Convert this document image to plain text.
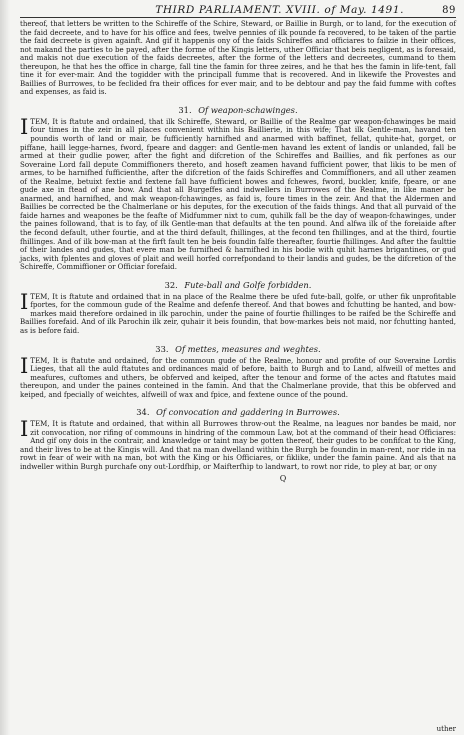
THIRD PARLIAMENT. XVIII. of May. 1491.	89

thereof, that letters be written to the Schireffe of the Schire, Steward, or Baillie in Burgh, or to land, for the execution of the faid decreete, and to have for his office and fees, twelve pennies of ilk pounde fa recovered, to be taken of the partie the faid decreete is given againft. And gif it happenis ony of the faids Schireffes and officiares to failzie in their offices, not makand the parties to be payed, after the forme of the Kingis letters, uther Officiar that beis negligent, as is foresaid, and makis not due execution of the faids decreetes, after the forme of the letters and decreetes, cummand to them thereupon, he that hes the office in charge, fall tine the famin for three zeires, and he that hes the famin in life-tent, fall tine it for ever-mair. And the togidder with the principall fumme that is recovered. And in likewife the Provestes and Baillies of Burrowes, to be feclided fra their offices for ever mair, and to be debtour and pay the faid fumme with coftes and expenses, as faid is.

31. Of weapon-schawinges.

ITEM, It is ftatute and ordained, that ilk Schireffe, Steward, or Baillie of the Realme gar weapon-fchawinges be maid four times in the zeir in all places convenient within his Baillierie, in this wife; That ilk Gentle-man, havand ten poundis worth of land or mair, be fufficiently harnifhed and anarmed with baffinet, fellat, quhite-hat, gorget, or piffane, haill legge-harnes, fword, fpeare and dagger: and Gentle-men havand les extent of landis or unlanded, fall be armed at their gudlie power, after the fight and difcretion of the Schireffes and Baillies, and fik perfones as our Soveraine Lord fall depute Commiffioners thereto, and hoseft zeamen havand fufficient power, that likis to be men of armes, to be harnifhed fufficienthe, after the difcretion of the faids Schireffes and Commiffioners, and all uther zeamen of the Realme, betuixt fextie and fextene fall have fufficient bowes and fchewes, fword, buckler, knife, fpeare, or ane gude axe in ftead of ane bow. And that all Burgeffes and indwellers in Burrowes of the Realme, in like maner be anarmed, and harnifhed, and mak weapon-fchawinges, as faid is, foure times in the zeir. And that the Aldermen and Baillies be corrected be the Chalmerlane or his deputes, for the execution of the faids things. And that all purvaid of the faide harnes and weapones be the feafte of Midfummer nixt to cum, quhilk fall be the day of weapon-fchawinges, under the paines followand, that is to fay, of ilk Gentle-man that defaults at the ten pound. And alfwa ilk of the foreiaide after the fecond default, uther fourtie, and at the third default, fhillinges, at the fecond ten fhillinges, and at the third, fourtie fhillinges. And of ilk bow-man at the firft fault ten he beis foundin falfe thereafter, fourtie fhillinges. And after the faulttie of their landes and gudes, that evere man be furnifhed & harnifhed in his bodie with quhit harnes brigantines, or gud jacks, with fplentes and gloves of plait and weill horfed correfpondand to their landis and gudes, be the difcretion of the Schireffe, Commiffioner or Officiar forefaid.

32. Fute-ball and Golfe forbidden.

ITEM, It is ftatute and ordained that in na place of the Realme there be ufed fute-ball, golfe, or uther fik unprofitable fportes, for the commoun gude of the Realme and defenfe thereof. And that bowes and fchutting be hanted, and bow-markes maid therefore ordained in ilk parochin, under the paine of fourtie fhillinges to be raifed be the Schireffe and Baillies forefaid. And of ilk Parochin ilk zeir, quhair it beis foundin, that bow-markes beis not maid, nor fchutting hanted, as is before faid.

33. Of mettes, measures and weghtes.

ITEM, It is ftatute and ordained, for the commoun gude of the Realme, honour and profite of our Soveraine Lordis Lieges, that all the auld ftatutes and ordinances maid of before, baith to Burgh and to Land, alfweill of mettes and meafures, cuftomes and uthers, be obferved and keiped, after the tenour and forme of the actes and ftatutes maid thereupon, and under the paines conteined in the famin. And that the Chalmerlane provide, that this be obferved and keiped, and fpecially of weichtes, alfweill of wax and fpice, and fextene ounce of the pound.

34. Of convocation and gaddering in Burrowes.

ITEM, It is ftatute and ordained, that within all Burrowes throw-out the Realme, na leagues nor bandes be maid, nor zit convocation, nor rifing of commouns in hindring of the commoun Law, bot at the command of their head Officiares: And gif ony dois in the contrair, and knawledge or taint may be gotten thereof, their gudes to be confifcat to the King, and their lives to be at the Kingis will. And that na man dwelland within the Burgh be foundin in man-rent, nor ride in na rowt in fear of weir with na man, bot with the King or his Officiares, or fiklike, under the famin paine. And als that na indweller within Burgh purchafe ony out-Lordfhip, or Maifterfhip to landwart, to rowt nor ride, to pley at bar, or ony

Q
uther
